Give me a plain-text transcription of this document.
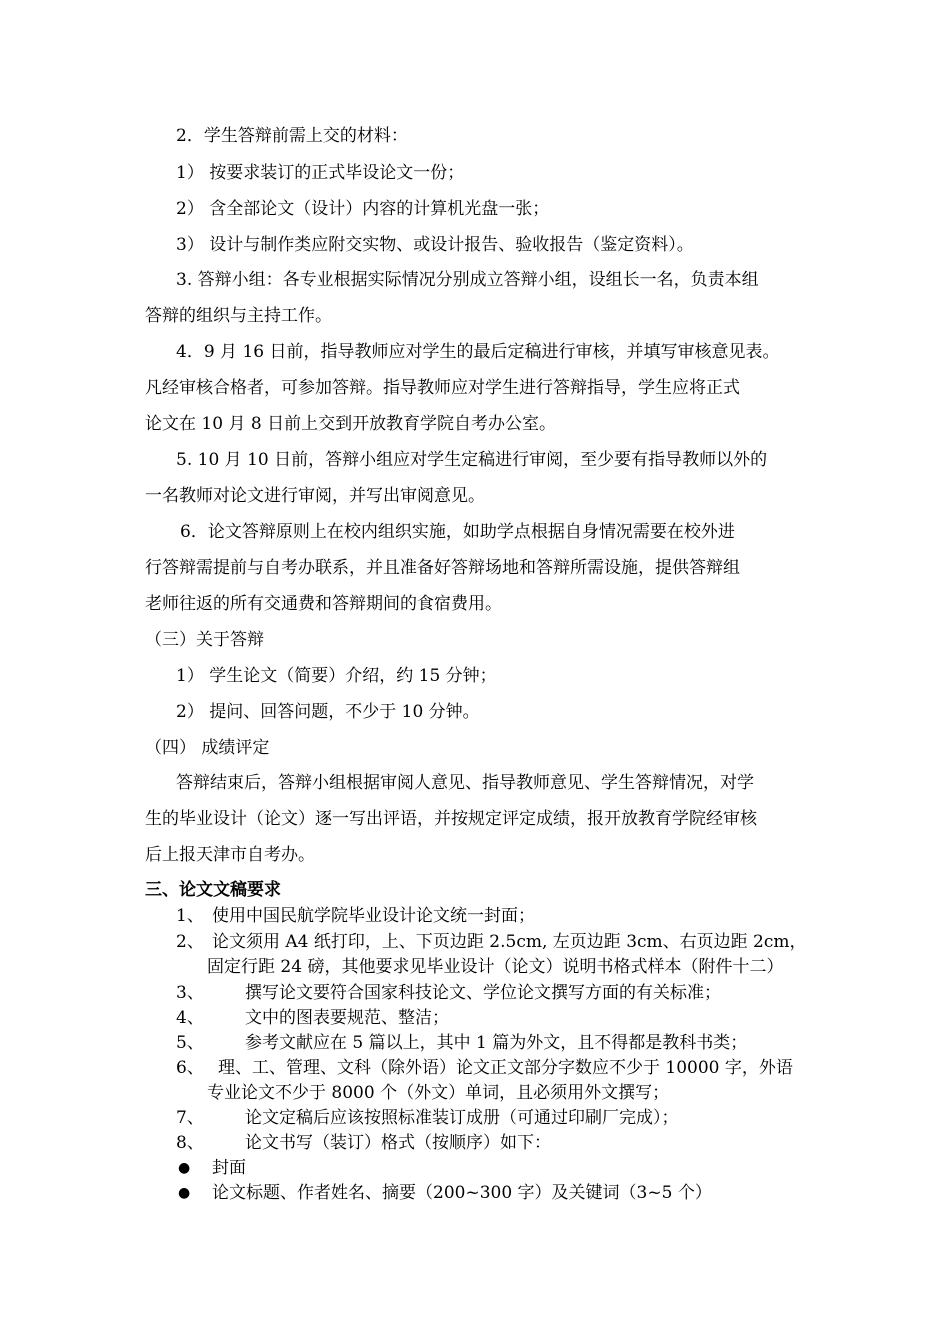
2．学生答辩前需上交的材料：
1） 按要求装订的正式毕设论文一份；
2） 含全部论文（设计）内容的计算机光盘一张；
3） 设计与制作类应附交实物、或设计报告、验收报告（鉴定资料）。
3. 答辩小组：各专业根据实际情况分别成立答辩小组，设组长一名，负责本组
答辩的组织与主持工作。
4．9 月 16 日前，指导教师应对学生的最后定稿进行审核，并填写审核意见表。
凡经审核合格者，可参加答辩。指导教师应对学生进行答辩指导，学生应将正式
论文在 10 月 8 日前上交到开放教育学院自考办公室。
5. 10 月 10 日前，答辩小组应对学生定稿进行审阅，至少要有指导教师以外的
一名教师对论文进行审阅，并写出审阅意见。
6．论文答辩原则上在校内组织实施，如助学点根据自身情况需要在校外进
行答辩需提前与自考办联系，并且准备好答辩场地和答辩所需设施，提供答辩组
老师往返的所有交通费和答辩期间的食宿费用。
（三）关于答辩
1） 学生论文（简要）介绍，约 15 分钟；
2） 提问、回答问题，不少于 10 分钟。
（四） 成绩评定
答辩结束后，答辩小组根据审阅人意见、指导教师意见、学生答辩情况，对学
生的毕业设计（论文）逐一写出评语，并按规定评定成绩，报开放教育学院经审核
后上报天津市自考办。
三、论文文稿要求
1、 使用中国民航学院毕业设计论文统一封面；
2、 论文须用 A4 纸打印，上、下页边距 2.5cm, 左页边距 3cm、右页边距 2cm，
固定行距 24 磅，其他要求见毕业设计（论文）说明书格式样本（附件十二）
3、 撰写论文要符合国家科技论文、学位论文撰写方面的有关标准；
4、 文中的图表要规范、整洁；
5、 参考文献应在 5 篇以上，其中 1 篇为外文，且不得都是教科书类；
6、 理、工、管理、文科（除外语）论文正文部分字数应不少于 10000 字，外语
专业论文不少于 8000 个（外文）单词，且必须用外文撰写；
7、 论文定稿后应该按照标准装订成册（可通过印刷厂完成）；
8、 论文书写（装订）格式（按顺序）如下：
● 封面
● 论文标题、作者姓名、摘要（200~300 字）及关键词（3~5 个）
